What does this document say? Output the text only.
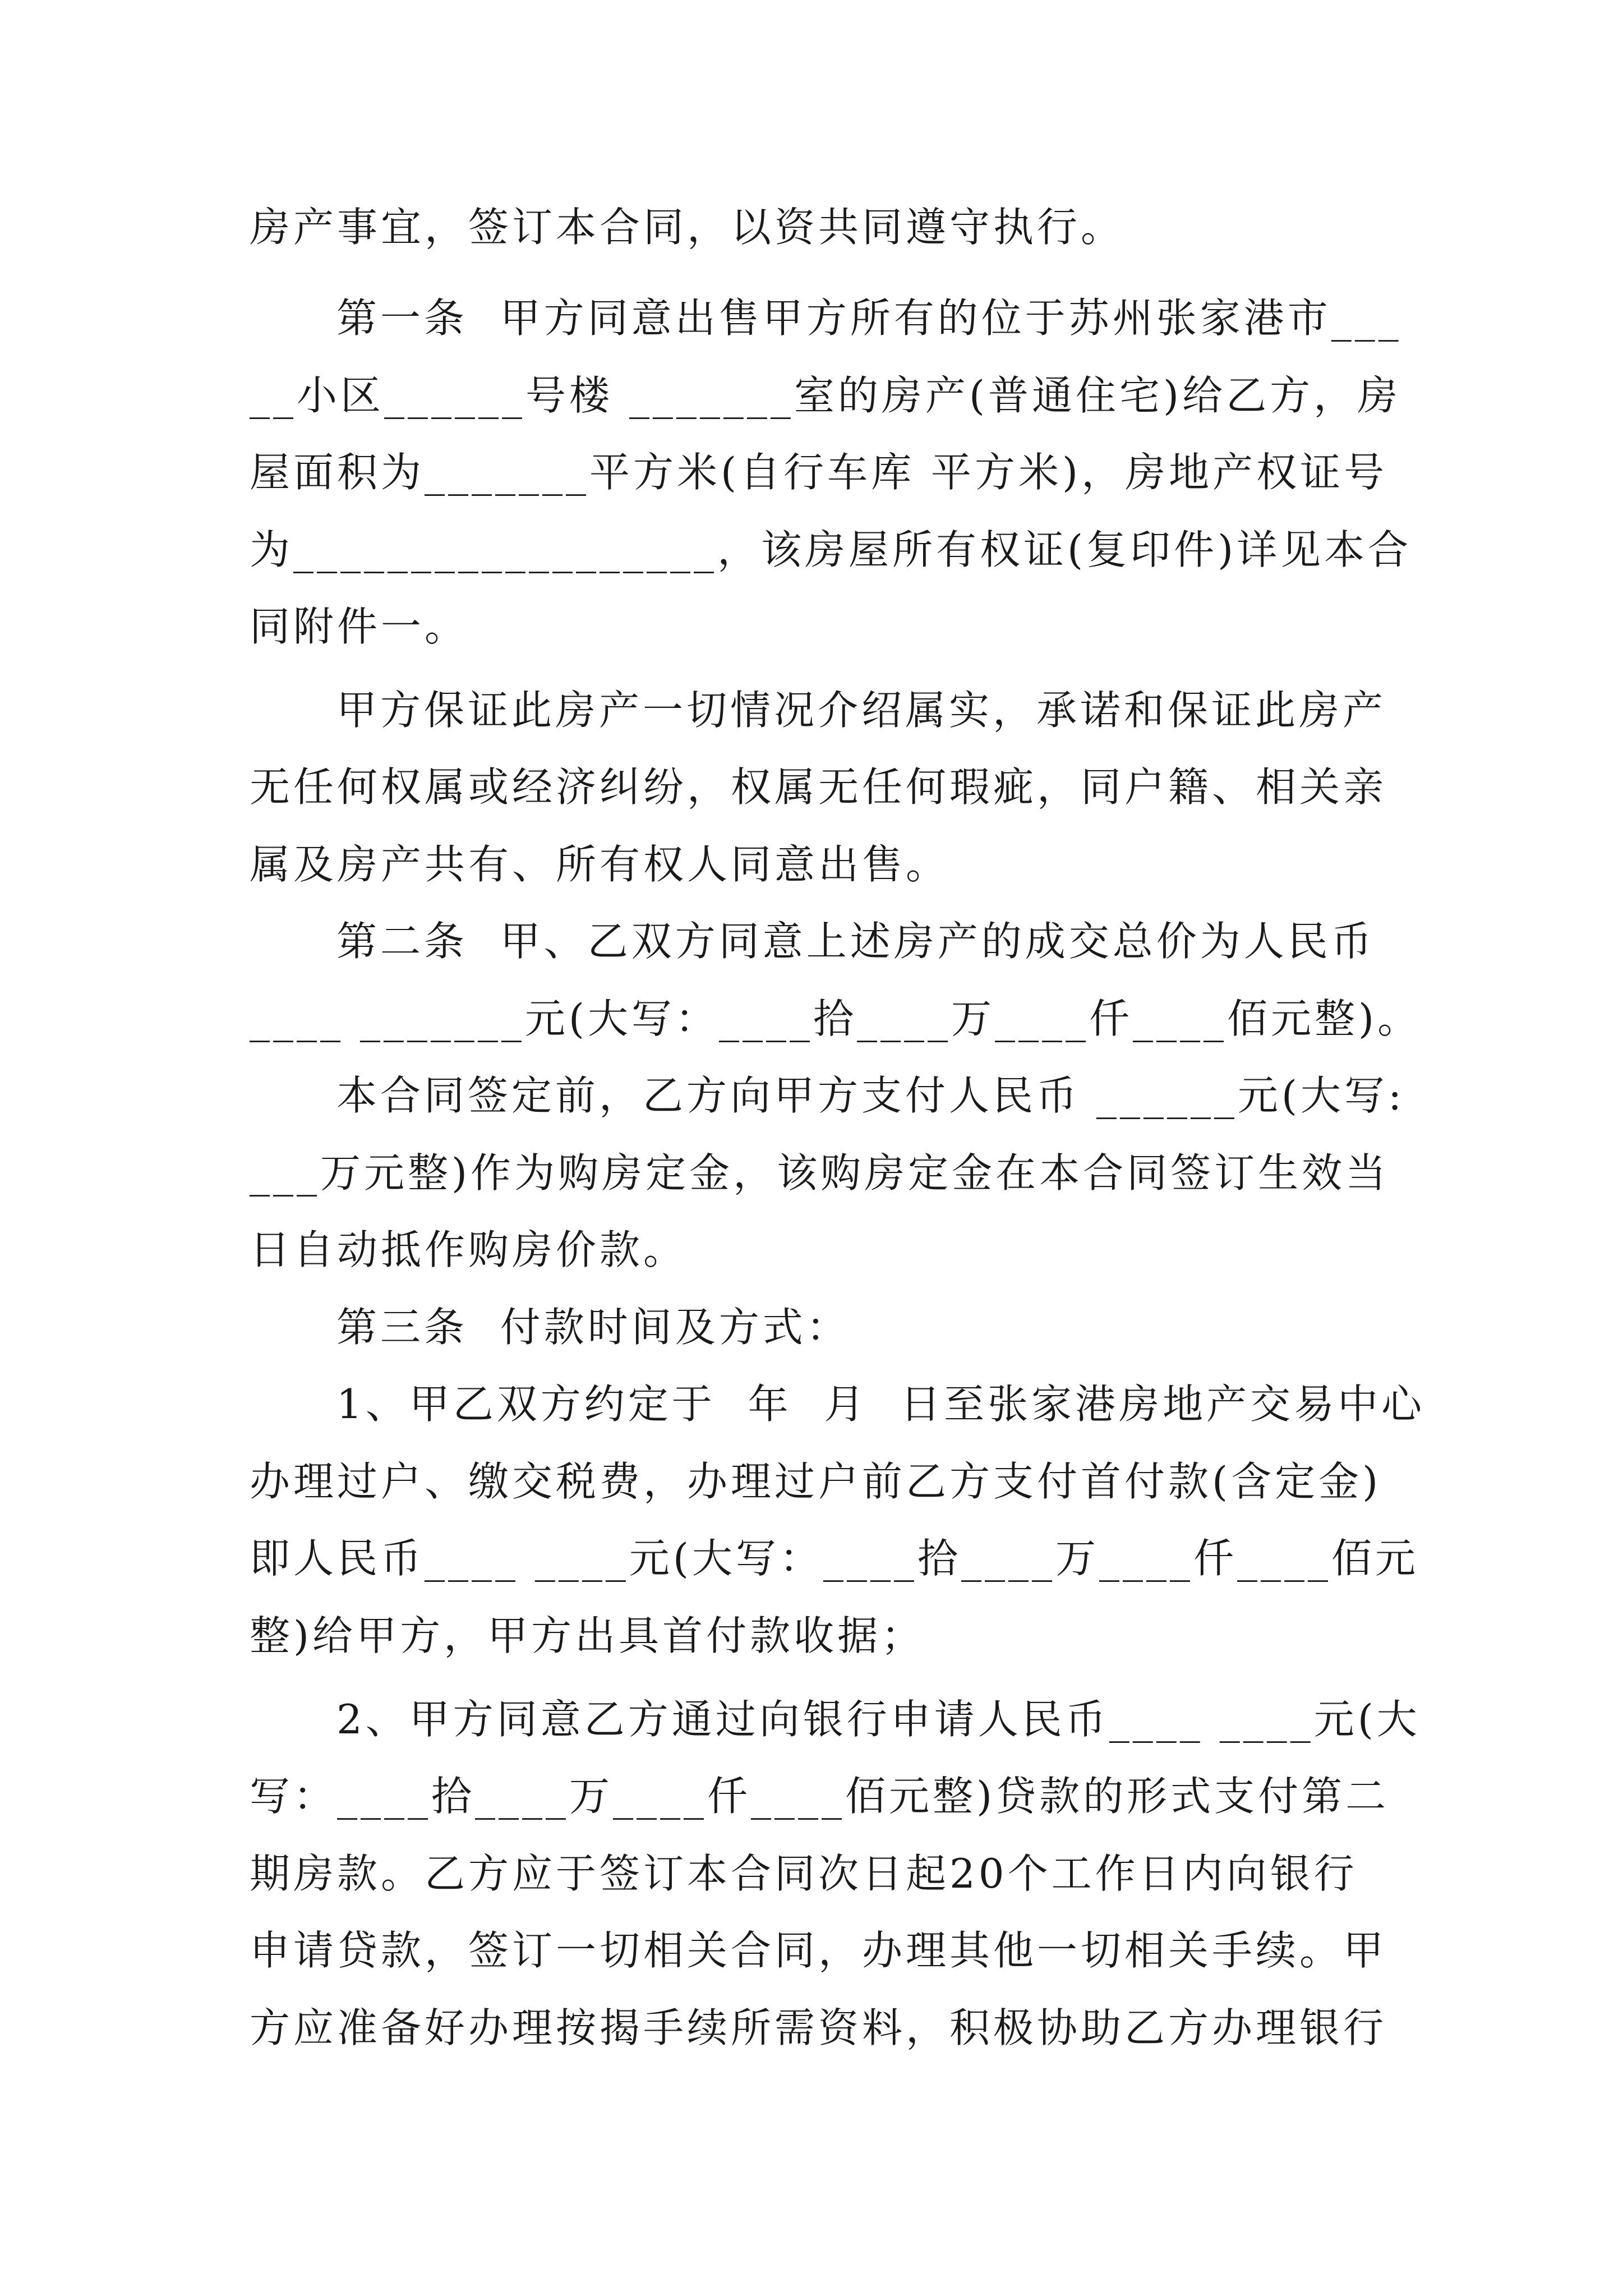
房产事宜，签订本合同，以资共同遵守执行。
第一条  甲方同意出售甲方所有的位于苏州张家港市___
__小区______号楼 _______室的房产(普通住宅)给乙方，房
屋面积为_______平方米(自行车库 平方米)，房地产权证号
为__________________，该房屋所有权证(复印件)详见本合
同附件一。
甲方保证此房产一切情况介绍属实，承诺和保证此房产
无任何权属或经济纠纷，权属无任何瑕疵，同户籍、相关亲
属及房产共有、所有权人同意出售。
第二条  甲、乙双方同意上述房产的成交总价为人民币
____ _______元(大写：____拾____万____仟____佰元整)。
本合同签定前，乙方向甲方支付人民币 ______元(大写:
___万元整)作为购房定金，该购房定金在本合同签订生效当
日自动抵作购房价款。
第三条  付款时间及方式：
1、甲乙双方约定于  年  月  日至张家港房地产交易中心
办理过户、缴交税费，办理过户前乙方支付首付款(含定金)
即人民币____ ____元(大写：____拾____万____仟____佰元
整)给甲方，甲方出具首付款收据；
2、甲方同意乙方通过向银行申请人民币____ ____元(大
写：____拾____万____仟____佰元整)贷款的形式支付第二
期房款。乙方应于签订本合同次日起20个工作日内向银行
申请贷款，签订一切相关合同，办理其他一切相关手续。甲
方应准备好办理按揭手续所需资料，积极协助乙方办理银行
